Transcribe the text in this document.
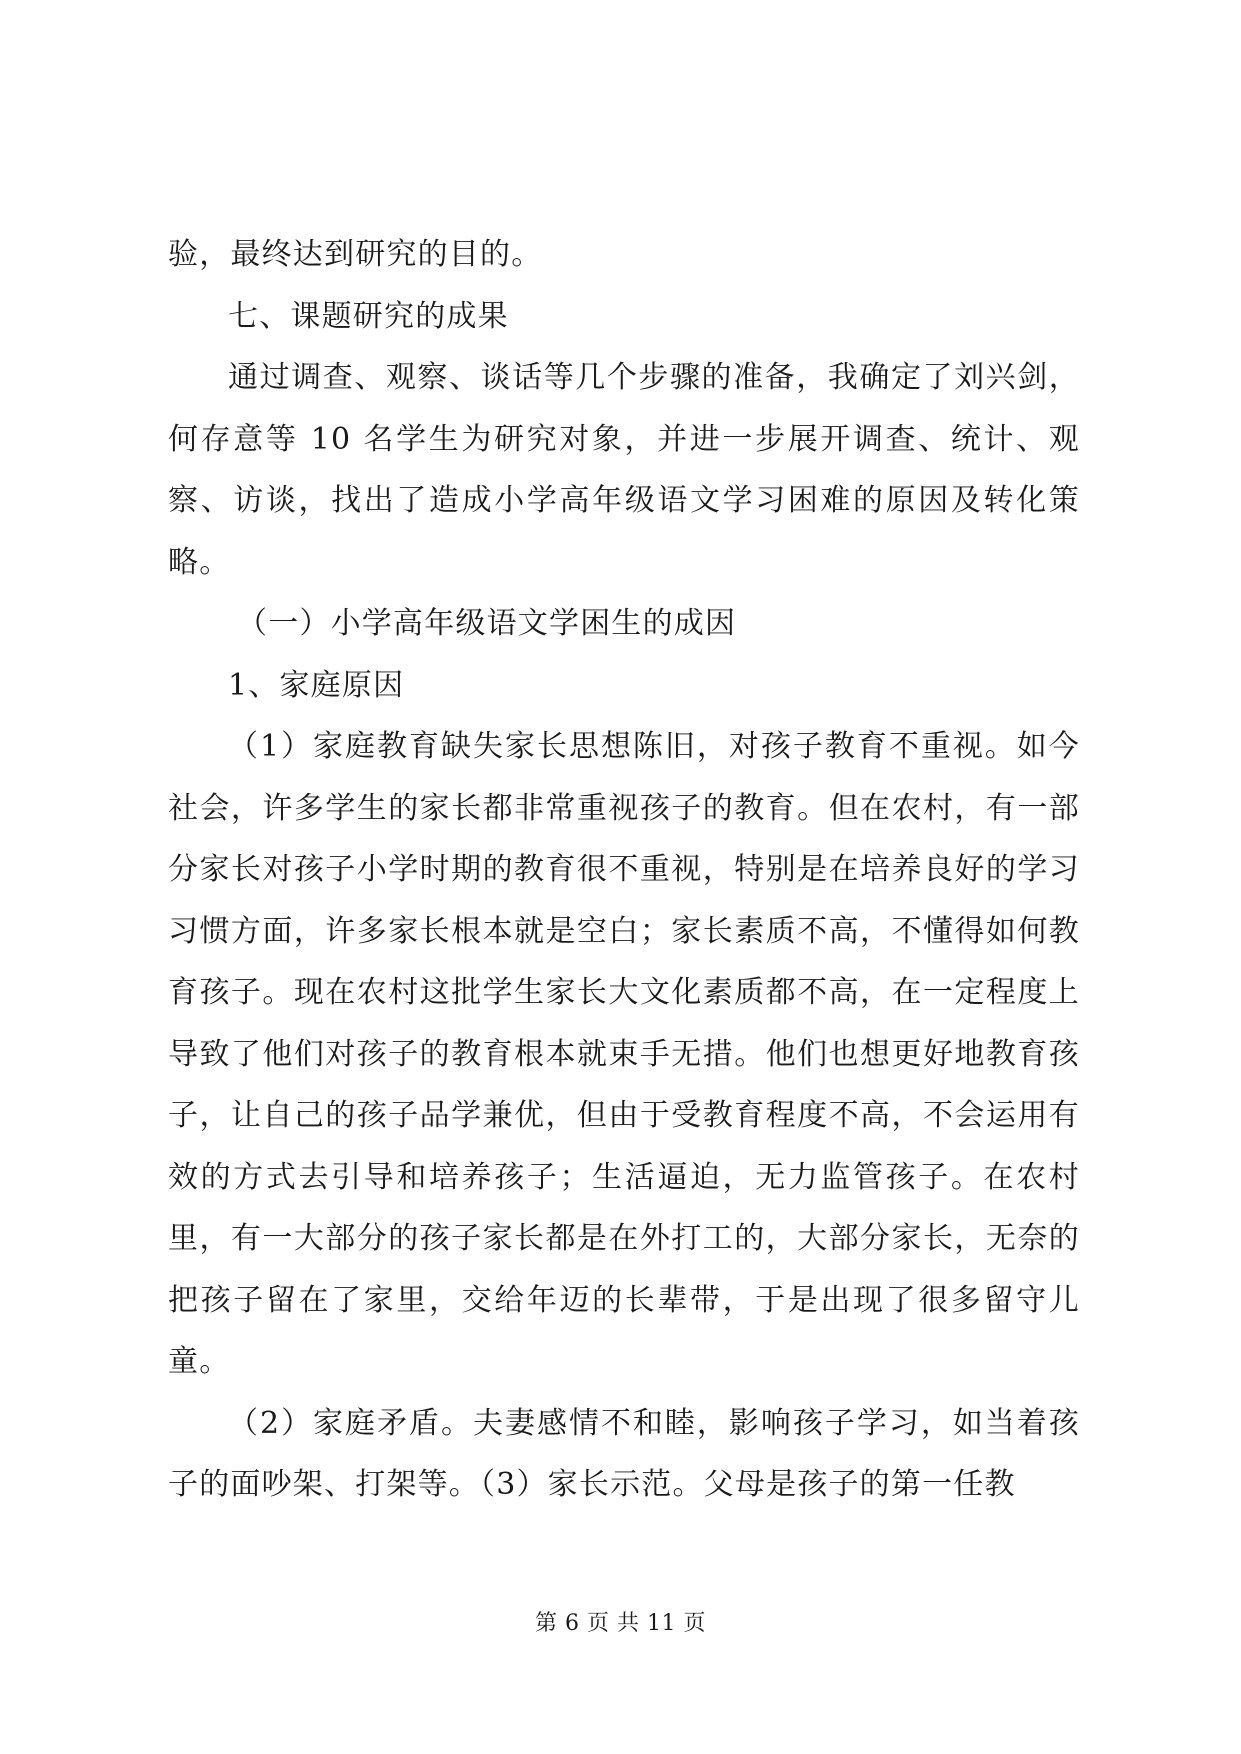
验，最终达到研究的目的。

七、课题研究的成果

通过调查、观察、谈话等几个步骤的准备，我确定了刘兴剑，何存意等 10 名学生为研究对象，并进一步展开调查、统计、观察、访谈，找出了造成小学高年级语文学习困难的原因及转化策略。

（一）小学高年级语文学困生的成因

1、家庭原因

（1）家庭教育缺失家长思想陈旧，对孩子教育不重视。如今社会，许多学生的家长都非常重视孩子的教育。但在农村，有一部分家长对孩子小学时期的教育很不重视，特别是在培养良好的学习习惯方面，许多家长根本就是空白；家长素质不高，不懂得如何教育孩子。现在农村这批学生家长大文化素质都不高，在一定程度上导致了他们对孩子的教育根本就束手无措。他们也想更好地教育孩子，让自己的孩子品学兼优，但由于受教育程度不高，不会运用有效的方式去引导和培养孩子；生活逼迫，无力监管孩子。在农村里，有一大部分的孩子家长都是在外打工的，大部分家长，无奈的把孩子留在了家里，交给年迈的长辈带，于是出现了很多留守儿童。

（2）家庭矛盾。夫妻感情不和睦，影响孩子学习，如当着孩子的面吵架、打架等。（3）家长示范。父母是孩子的第一任教

第 6 页 共 11 页
